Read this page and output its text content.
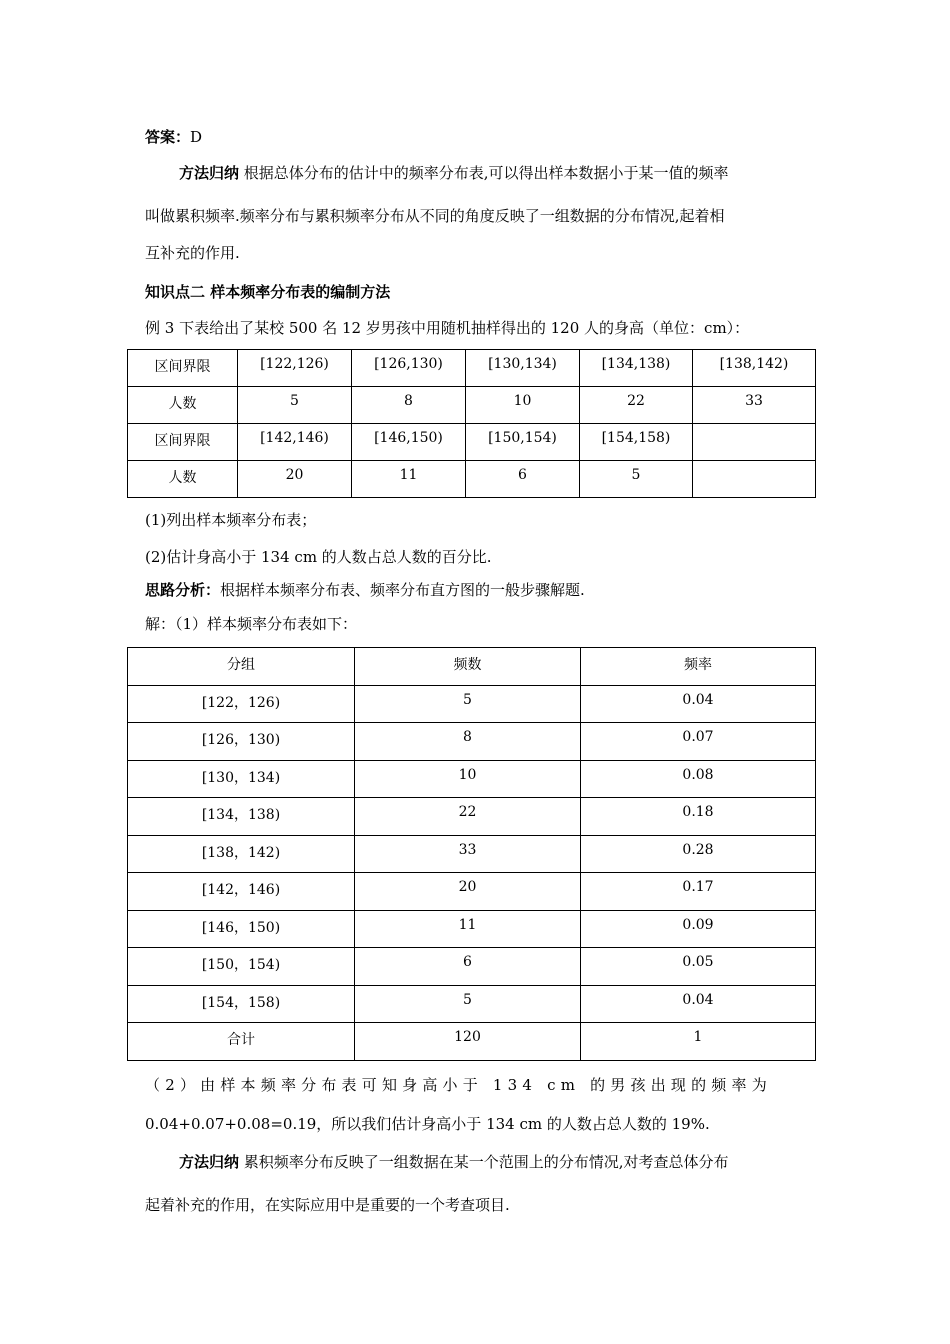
答案：D
方法归纳 根据总体分布的估计中的频率分布表,可以得出样本数据小于某一值的频率
叫做累积频率.频率分布与累积频率分布从不同的角度反映了一组数据的分布情况,起着相
互补充的作用.
知识点二 样本频率分布表的编制方法
例 3 下表给出了某校 500 名 12 岁男孩中用随机抽样得出的 120 人的身高（单位：cm）：
区间界限	[122,126)	[126,130)	[130,134)	[134,138)	[138,142)
人数	5	8	10	22	33
区间界限	[142,146)	[146,150)	[150,154)	[154,158)	
人数	20	11	6	5	
(1)列出样本频率分布表；
(2)估计身高小于 134 cm 的人数占总人数的百分比.
思路分析：根据样本频率分布表、频率分布直方图的一般步骤解题.
解：（1）样本频率分布表如下：
分组	频数	频率
[122，126)	5	0.04
[126，130)	8	0.07
[130，134)	10	0.08
[134，138)	22	0.18
[138，142)	33	0.28
[142，146)	20	0.17
[146，150)	11	0.09
[150，154)	6	0.05
[154，158)	5	0.04
合计	120	1
（2）由样本频率分布表可知身高小于 134 cm 的男孩出现的频率为
0.04+0.07+0.08=0.19，所以我们估计身高小于 134 cm 的人数占总人数的 19%.
方法归纳 累积频率分布反映了一组数据在某一个范围上的分布情况,对考查总体分布
起着补充的作用，在实际应用中是重要的一个考查项目.
